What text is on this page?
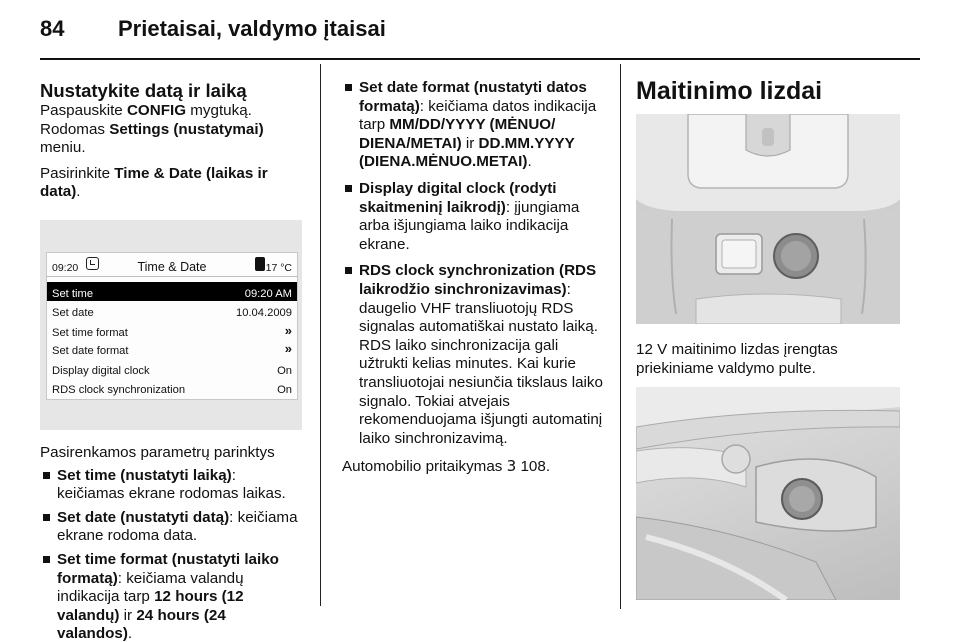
84 Prietaisai, valdymo įtaisai
Nustatykite datą ir laiką

Paspauskite CONFIG mygtuką. Rodomas Settings (nustatymai) meniu.

Pasirinkite Time & Date (laikas ir data).

09:20	Time & Date	17 °C
Set time	09:20 AM
Set date	10.04.2009
Set time format	»
Set date format	»
Display digital clock	On
RDS clock synchronization	On

Pasirenkamos parametrų parinktys

Set time (nustatyti laiką): keičiamas ekrane rodomas laikas.
Set date (nustatyti datą): keičiama ekrane rodoma data.
Set time format (nustatyti laiko formatą): keičiama valandų indikacija tarp 12 hours (12 valandų) ir 24 hours (24 valandos).
Set date format (nustatyti datos formatą): keičiama datos indikacija tarp MM/DD/YYYY (MĖNUO/ DIENA/METAI) ir DD.MM.YYYY (DIENA.MĖNUO.METAI).
Display digital clock (rodyti skaitmeninį laikrodį): įjungiama arba išjungiama laiko indikacija ekrane.
RDS clock synchronization (RDS laikrodžio sinchronizavimas): daugelio VHF transliuotojų RDS signalas automatiškai nustato laiką. RDS laiko sinchronizacija gali užtrukti kelias minutes. Kai kurie transliuotojai nesiunčia tikslaus laiko signalo. Tokiai atvejais rekomenduojama išjungti automatinį laiko sinchronizavimą.

Automobilio pritaikymas 3 108.

Maitinimo lizdai

12 V maitinimo lizdas įrengtas priekiniame valdymo pulte.
